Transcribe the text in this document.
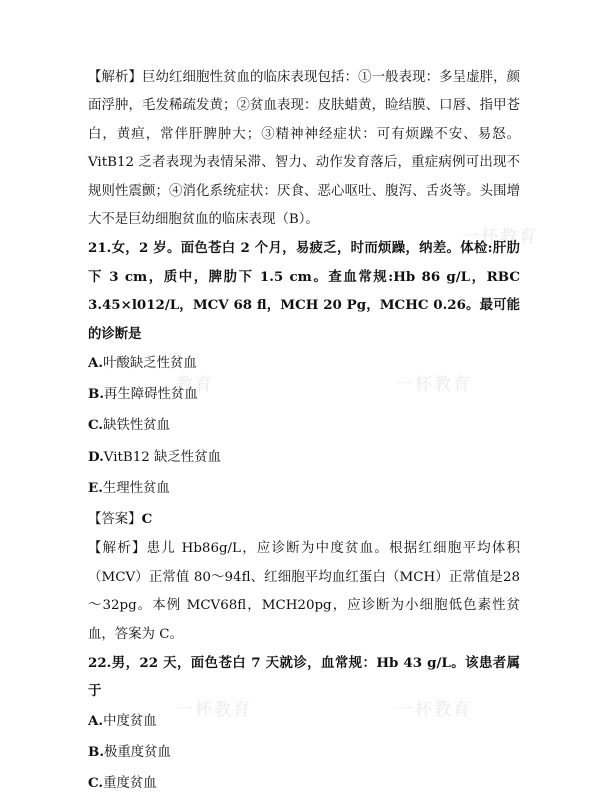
一杯教育
一杯教育
教育
一杯教育	一杯教育

【解析】巨幼红细胞性贫血的临床表现包括：①一般表现：多呈虚胖，颜面浮肿，毛发稀疏发黄；②贫血表现：皮肤蜡黄，睑结膜、口唇、指甲苍白，黄疸，常伴肝脾肿大；③精神神经症状：可有烦躁不安、易怒。VitB12 乏者表现为表情呆滞、智力、动作发育落后，重症病例可出现不规则性震颤；④消化系统症状：厌食、恶心呕吐、腹泻、舌炎等。头围增大不是巨幼细胞贫血的临床表现（B）。

21.女，2 岁。面色苍白 2 个月，易疲乏，时而烦躁，纳差。体检:肝肋下 3 cm，质中，脾肋下 1.5 cm。查血常规:Hb 86 g/L，RBC 3.45×l012/L，MCV 68 fl，MCH 20 Pg，MCHC 0.26。最可能的诊断是

A.叶酸缺乏性贫血

B.再生障碍性贫血

C.缺铁性贫血

D.VitB12 缺乏性贫血

E.生理性贫血

【答案】C

【解析】患儿 Hb86g/L，应诊断为中度贫血。根据红细胞平均体积（MCV）正常值 80～94fl、红细胞平均血红蛋白（MCH）正常值是28～32pg。本例 MCV68fl，MCH20pg，应诊断为小细胞低色素性贫血，答案为 C。

22.男，22 天，面色苍白 7 天就诊，血常规：Hb 43 g/L。该患者属于

A.中度贫血

B.极重度贫血

C.重度贫血
